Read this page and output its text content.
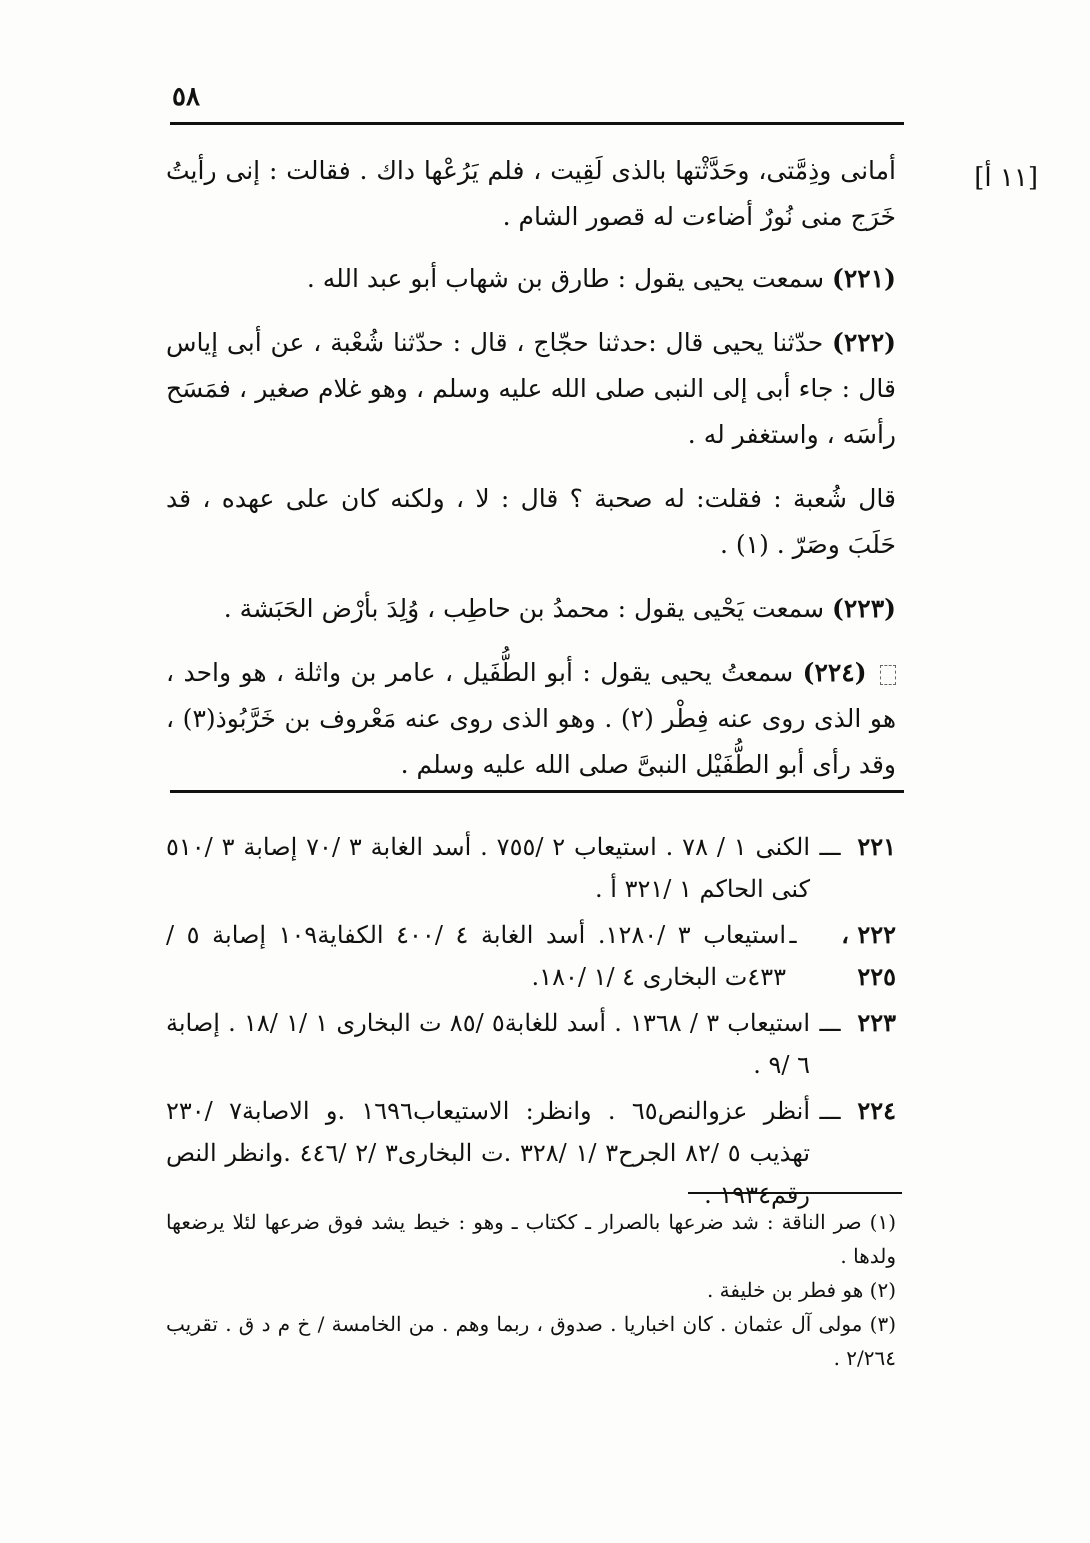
٥٨
[١١ أ]

أمانى وذِمَّتى، وحَدَّثْتها بالذى لَقِيت ، فلم يَرُعْها داك . فقالت : إنى رأيتُ خَرَج منى نُورٌ أضاءت له قصور الشام .

(٢٢١) سمعت يحيى يقول : طارق بن شهاب أبو عبد الله .

(٢٢٢) حدّثنا يحيى قال :حدثنا حجّاج ، قال : حدّثنا شُعْبة ، عن أبى إياس قال : جاء أبى إلى النبى صلى الله عليه وسلم ، وهو غلام صغير ، فمَسَح رأسَه ، واستغفر له .

قال شُعبة : فقلت: له صحبة ؟ قال : لا ، ولكنه كان على عهده ، قد حَلَبَ وصَرّ . (١) .

(٢٢٣) سمعت يَحْيى يقول : محمدُ بن حاطِب ، وُلِدَ بأرْض الحَبَشة .

(٢٢٤) سمعتُ يحيى يقول : أبو الطُّفَيل ، عامر بن واثلة ، هو واحد ، هو الذى روى عنه فِطْر (٢) . وهو الذى روى عنه مَعْروف بن خَرَّبُوذ(٣) ، وقد رأى أبو الطُّفَيْل النبىَّ صلى الله عليه وسلم .

٢٢١
ـــ
الكنى ١ / ٧٨ . استيعاب ٢ /٧٥٥ . أسد الغابة ٣ /٧٠ إصابة ٣ /٥١٠ كنى الحاكم ١ /٣٢١ أ .
٢٢٢ ، ٢٢٥
ـ
استيعاب ٣ /١٢٨٠. أسد الغابة ٤ /٤٠٠ الكفاية١٠٩ إصابة ٥ /٤٣٣ت البخارى ٤ /١ /١٨٠.
٢٢٣
ـــ
استيعاب ٣ / ١٣٦٨ . أسد للغابة٥ /٨٥ ت البخارى ١ /١ /١٨ . إصابة ٦ /٩ .
٢٢٤
ـــ
أنظر عزوالنص٦٥ . وانظر: الاستيعاب١٦٩٦ .و الاصابة٧ /٢٣٠ تهذيب ٥ /٨٢ الجرح٣ /١ /٣٢٨ .ت البخارى٣ /٢ /٤٤٦ .وانظر النص رقم١٩٣٤ .

(١) صر الناقة : شد ضرعها بالصرار ـ ككتاب ـ وهو : خيط يشد فوق ضرعها لئلا يرضعها ولدها .

(٢) هو فطر بن خليفة .

(٣) مولى آل عثمان . كان اخباريا . صدوق ، ربما وهم . من الخامسة / خ م د ق . تقريب ٢/٢٦٤ .
